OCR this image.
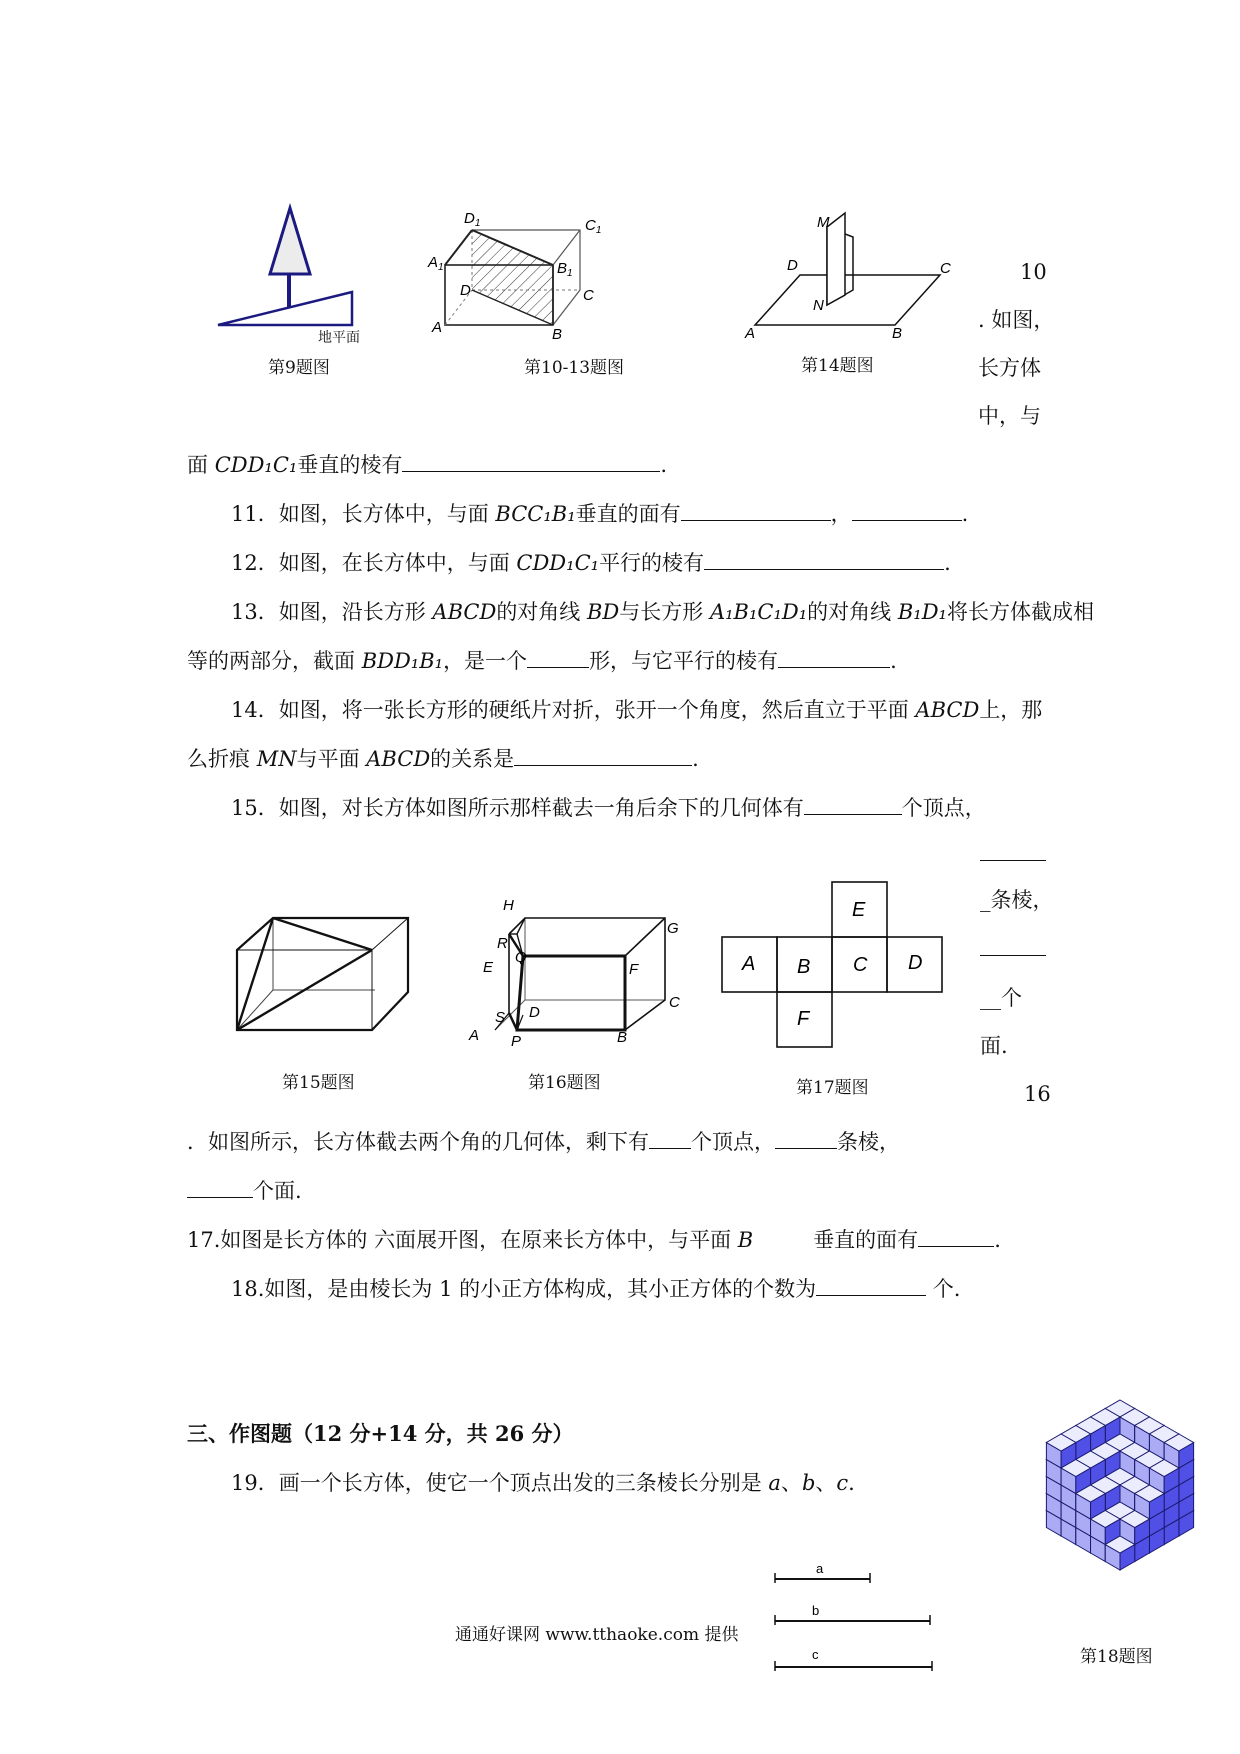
地平面
第9题图
$D_1$	$C_1$
$A_1$	$B_1$
D	C
A	B
第10-13题图
M
N
D	C
A	B
第14题图
10
. 如图，
长方体
中，与
面 CDD₁C₁垂直的棱有	.
11．如图，长方体中，与面 BCC₁B₁垂直的面有	，	.
12．如图，在长方体中，与面 CDD₁C₁平行的棱有	.
13．如图，沿长方形 ABCD的对角线 BD与长方形 A₁B₁C₁D₁的对角线 B₁D₁将长方体截成相
等的两部分，截面 BDD₁B₁，是一个	形，与它平行的棱有	.
14．如图，将一张长方形的硬纸片对折，张开一个角度，然后直立于平面 ABCD上，那
么折痕 MN与平面 ABCD的关系是	.
15．如图，对长方体如图所示那样截去一角后余下的几何体有	个顶点，
_条棱，
__个
面.
第15题图
H
G
R
Q
E	F
C
D
S
A P	B
第16题图
E
A B C D
F
第17题图	16
．如图所示，长方体截去两个角的几何体，剩下有 个顶点，	条棱，
个面.
17.如图是长方体的 六面展开图，在原来长方体中，与平面 B	垂直的面有	.
18.如图，是由棱长为 1 的小正方体构成，其小正方体的个数为	个.
三、作图题（12 分+14 分，共 26 分）
19．画一个长方体，使它一个顶点出发的三条棱长分别是 a、b、c.
a
b
c
通通好课网 www.tthaoke.com 提供
第18题图
